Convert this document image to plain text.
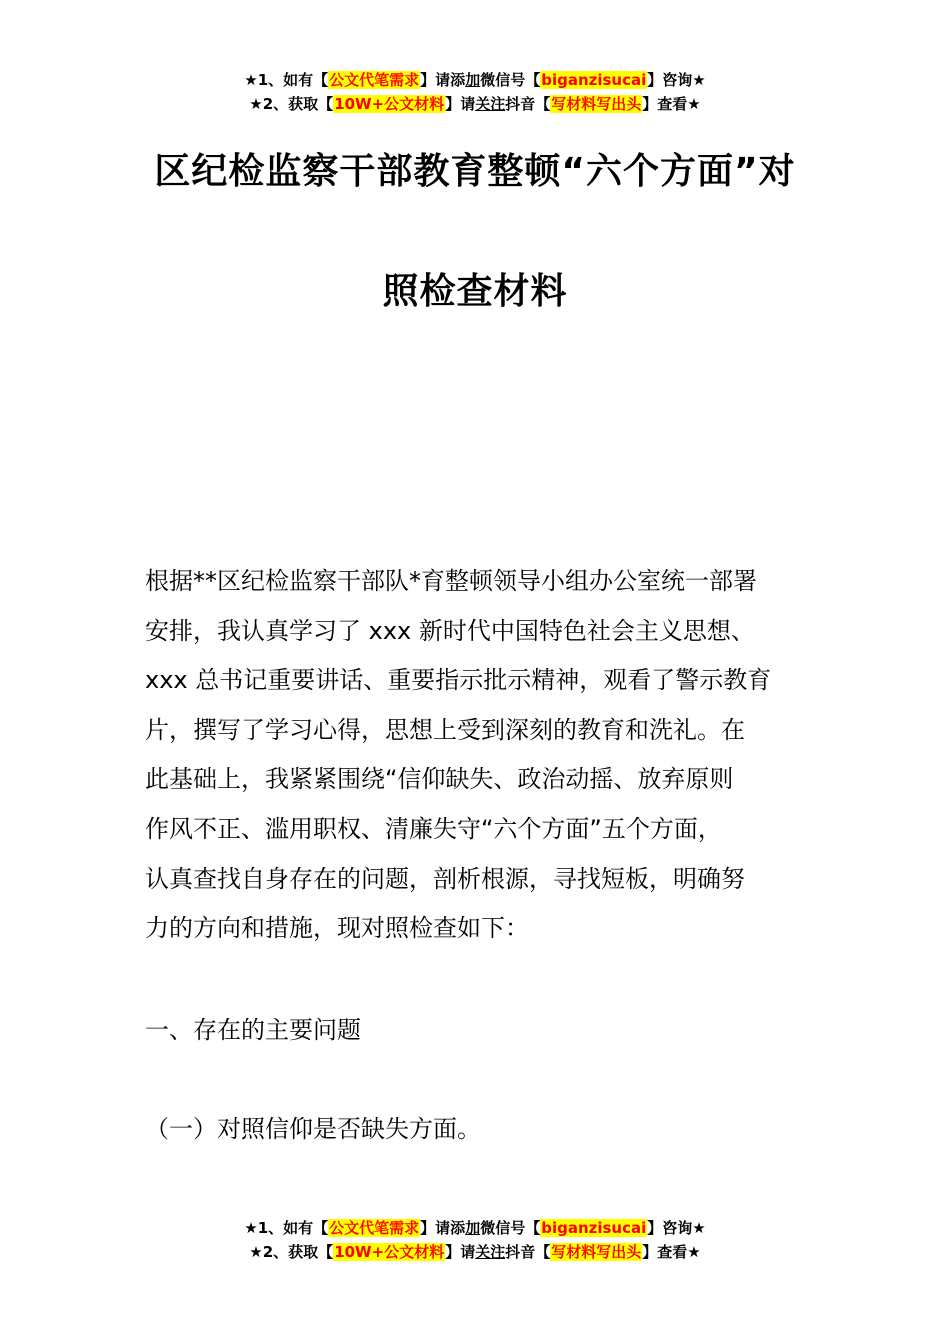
★1、如有【公文代笔需求】请添加微信号【biganzisucai】咨询★
★2、获取【10W+公文材料】请关注抖音【写材料写出头】查看★
区纪检监察干部教育整顿“六个方面”对
照检查材料
根据**区纪检监察干部队*育整顿领导小组办公室统一部署
安排，我认真学习了 xxx 新时代中国特色社会主义思想、
xxx 总书记重要讲话、重要指示批示精神，观看了警示教育
片，撰写了学习心得，思想上受到深刻的教育和洗礼。在
此基础上，我紧紧围绕“信仰缺失、政治动摇、放弃原则
作风不正、滥用职权、清廉失守“六个方面”五个方面，
认真查找自身存在的问题，剖析根源，寻找短板，明确努
力的方向和措施，现对照检查如下：
一、存在的主要问题
（一）对照信仰是否缺失方面。
★1、如有【公文代笔需求】请添加微信号【biganzisucai】咨询★
★2、获取【10W+公文材料】请关注抖音【写材料写出头】查看★
